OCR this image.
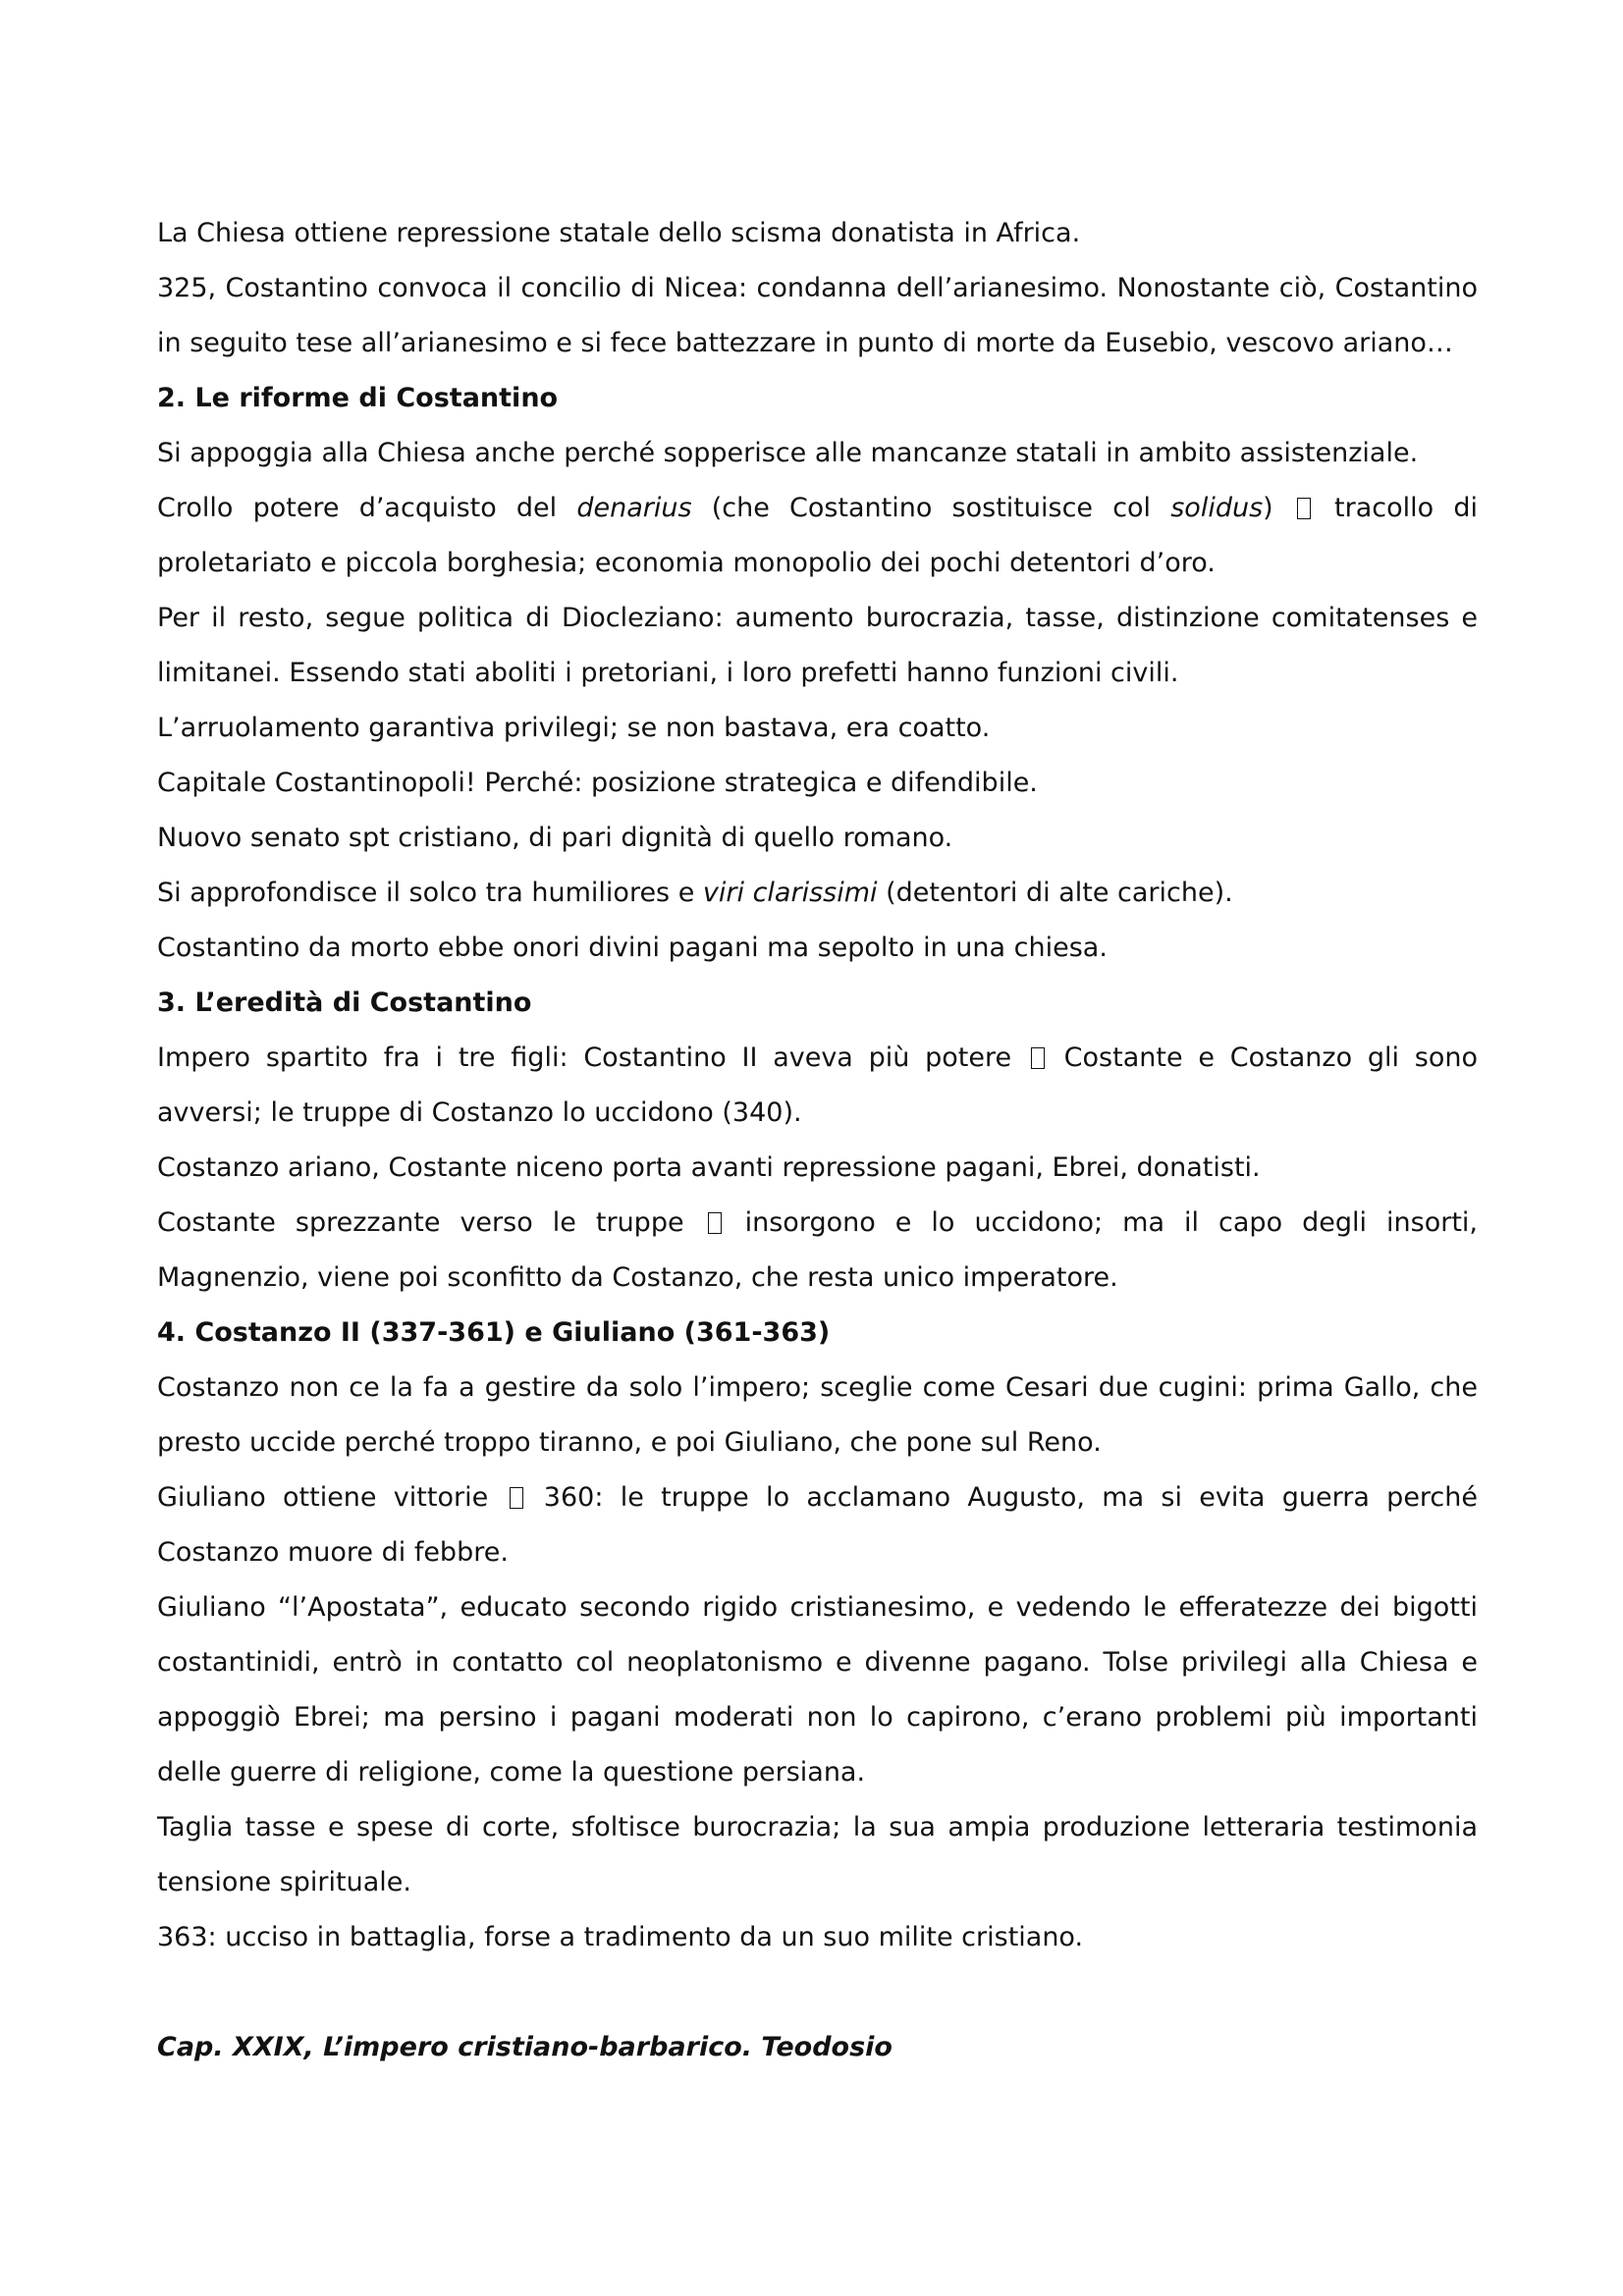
La Chiesa ottiene repressione statale dello scisma donatista in Africa.

325, Costantino convoca il concilio di Nicea: condanna dell’arianesimo. Nonostante ciò, Costantino in seguito tese all’arianesimo e si fece battezzare in punto di morte da Eusebio, vescovo ariano…

2. Le riforme di Costantino

Si appoggia alla Chiesa anche perché sopperisce alle mancanze statali in ambito assistenziale.

Crollo potere d’acquisto del denarius (che Costantino sostituisce col solidus)  tracollo di proletariato e piccola borghesia; economia monopolio dei pochi detentori d’oro.

Per il resto, segue politica di Diocleziano: aumento burocrazia, tasse, distinzione comitatenses e limitanei. Essendo stati aboliti i pretoriani, i loro prefetti hanno funzioni civili.

L’arruolamento garantiva privilegi; se non bastava, era coatto.

Capitale Costantinopoli! Perché: posizione strategica e difendibile.

Nuovo senato spt cristiano, di pari dignità di quello romano.

Si approfondisce il solco tra humiliores e viri clarissimi (detentori di alte cariche).

Costantino da morto ebbe onori divini pagani ma sepolto in una chiesa.

3. L’eredità di Costantino

Impero spartito fra i tre figli: Costantino II aveva più potere  Costante e Costanzo gli sono avversi; le truppe di Costanzo lo uccidono (340).

Costanzo ariano, Costante niceno porta avanti repressione pagani, Ebrei, donatisti.

Costante sprezzante verso le truppe  insorgono e lo uccidono; ma il capo degli insorti, Magnenzio, viene poi sconfitto da Costanzo, che resta unico imperatore.

4. Costanzo II (337-361) e Giuliano (361-363)

Costanzo non ce la fa a gestire da solo l’impero; sceglie come Cesari due cugini: prima Gallo, che presto uccide perché troppo tiranno, e poi Giuliano, che pone sul Reno.

Giuliano ottiene vittorie  360: le truppe lo acclamano Augusto, ma si evita guerra perché Costanzo muore di febbre.

Giuliano “l’Apostata”, educato secondo rigido cristianesimo, e vedendo le efferatezze dei bigotti costantinidi, entrò in contatto col neoplatonismo e divenne pagano. Tolse privilegi alla Chiesa e appoggiò Ebrei; ma persino i pagani moderati non lo capirono, c’erano problemi più importanti delle guerre di religione, come la questione persiana.

Taglia tasse e spese di corte, sfoltisce burocrazia; la sua ampia produzione letteraria testimonia tensione spirituale.

363: ucciso in battaglia, forse a tradimento da un suo milite cristiano.

Cap. XXIX, L’impero cristiano-barbarico. Teodosio
